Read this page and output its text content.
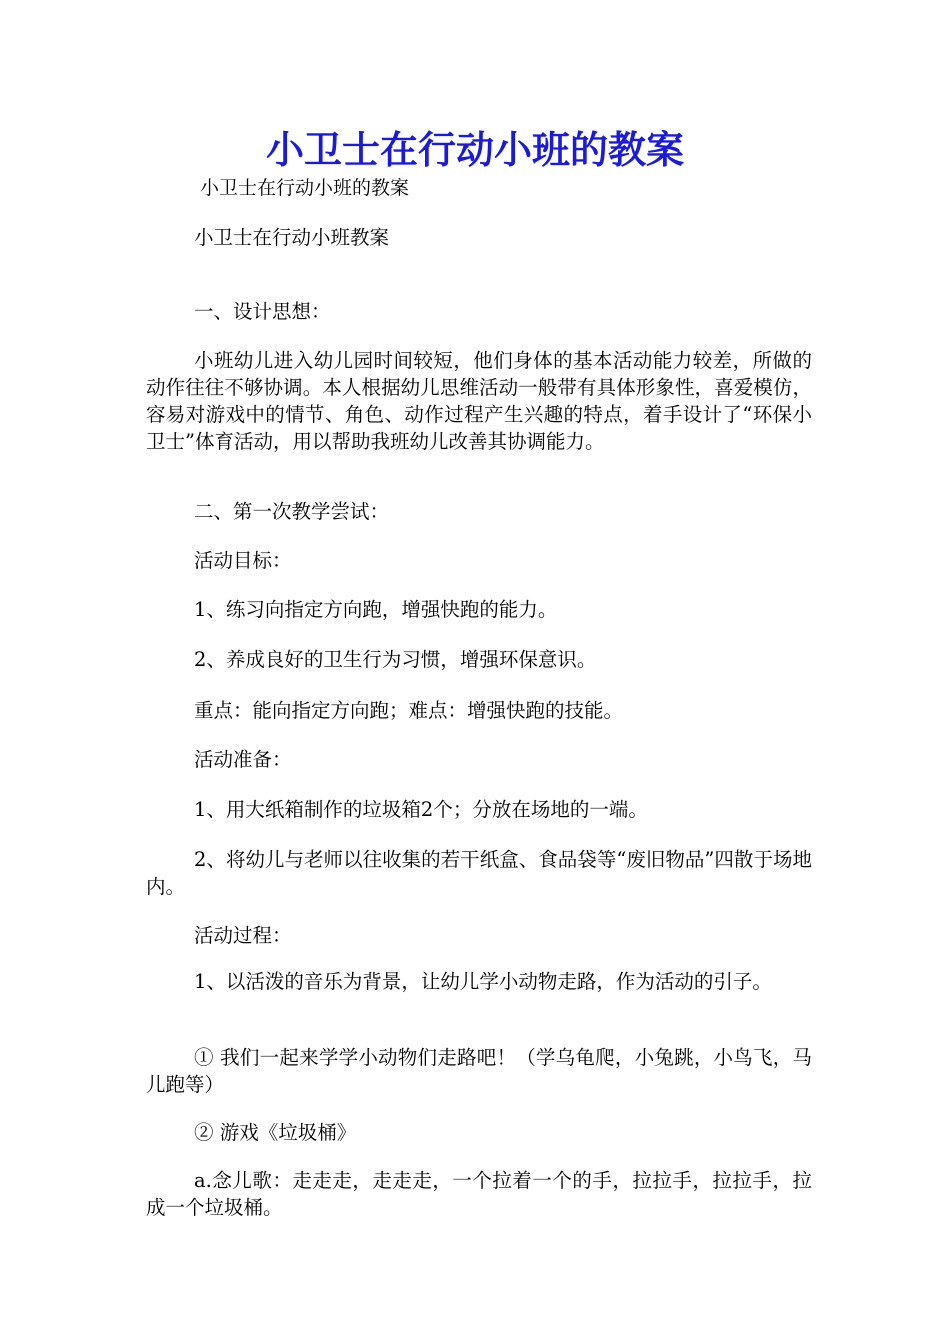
小卫士在行动小班的教案

小卫士在行动小班的教案

小卫士在行动小班教案

一、设计思想：

小班幼儿进入幼儿园时间较短，他们身体的基本活动能力较差，所做的动作往往不够协调。本人根据幼儿思维活动一般带有具体形象性，喜爱模仿，容易对游戏中的情节、角色、动作过程产生兴趣的特点，着手设计了“环保小卫士”体育活动，用以帮助我班幼儿改善其协调能力。

二、第一次教学尝试：

活动目标：

1、练习向指定方向跑，增强快跑的能力。

2、养成良好的卫生行为习惯，增强环保意识。

重点：能向指定方向跑；难点：增强快跑的技能。

活动准备：

1、用大纸箱制作的垃圾箱2个；分放在场地的一端。

2、将幼儿与老师以往收集的若干纸盒、食品袋等“废旧物品”四散于场地内。

活动过程：

1、以活泼的音乐为背景，让幼儿学小动物走路，作为活动的引子。

① 我们一起来学学小动物们走路吧！（学乌龟爬，小兔跳，小鸟飞，马儿跑等）

② 游戏《垃圾桶》

a.念儿歌：走走走，走走走，一个拉着一个的手，拉拉手，拉拉手，拉成一个垃圾桶。
